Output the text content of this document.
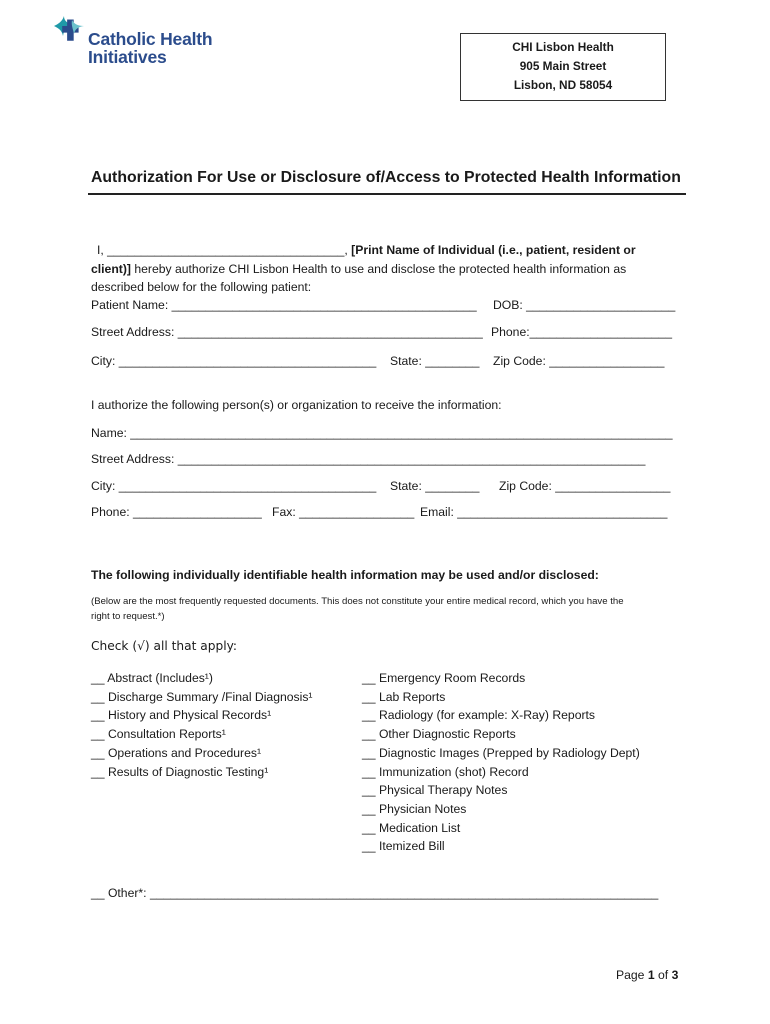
Catholic Health
Initiatives	CHI Lisbon Health
905 Main Street
Lisbon, ND 58054
Authorization For Use or Disclosure of/Access to Protected Health Information
I, ___________________________________, [Print Name of Individual (i.e., patient, resident or
client)] hereby authorize CHI Lisbon Health to use and disclose the protected health information as
described below for the following patient:
Patient Name: _____________________________________________ DOB: ______________________
Street Address: _____________________________________________ Phone:_____________________
City: ______________________________________ State: ________ Zip Code: _________________
I authorize the following person(s) or organization to receive the information:
Name: ________________________________________________________________________________
Street Address: _____________________________________________________________________
City: ______________________________________ State: ________ Zip Code: _________________
Phone: ___________________ Fax: _________________ Email: _______________________________
The following individually identifiable health information may be used and/or disclosed:
(Below are the most frequently requested documents. This does not constitute your entire medical record, which you have the
right to request.*)
Check (√) all that apply:
__ Abstract (Includes¹)
__ Discharge Summary /Final Diagnosis¹
__ History and Physical Records¹
__ Consultation Reports¹
__ Operations and Procedures¹
__ Results of Diagnostic Testing¹
__ Emergency Room Records
__ Lab Reports
__ Radiology (for example: X-Ray) Reports
__ Other Diagnostic Reports
__ Diagnostic Images (Prepped by Radiology Dept)
__ Immunization (shot) Record
__ Physical Therapy Notes
__ Physician Notes
__ Medication List
__ Itemized Bill
__ Other*: ___________________________________________________________________________
Page 1 of 3
